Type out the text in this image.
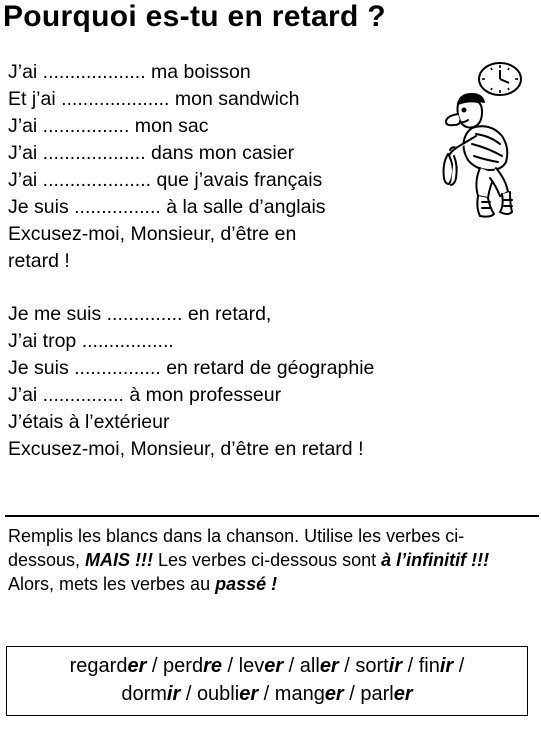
Pourquoi es-tu en retard ?
J’ai ................... ma boisson
Et j’ai .................... mon sandwich
J’ai ................ mon sac
J’ai ................... dans mon casier
J’ai .................... que j’avais français
Je suis ................ à la salle d’anglais
Excusez-moi, Monsieur, d’être en
retard !
Je me suis .............. en retard,
J’ai trop .................
Je suis ................ en retard de géographie
J’ai ............... à mon professeur
J’étais à l’extérieur
Excusez-moi, Monsieur, d’être en retard !
Remplis les blancs dans la chanson. Utilise les verbes ci-dessous, MAIS !!! Les verbes ci-dessous sont à l’infinitif !!! Alors, mets les verbes au passé !
regarder / perdre / lever / aller / sortir / finir /
dormir / oublier / manger / parler
